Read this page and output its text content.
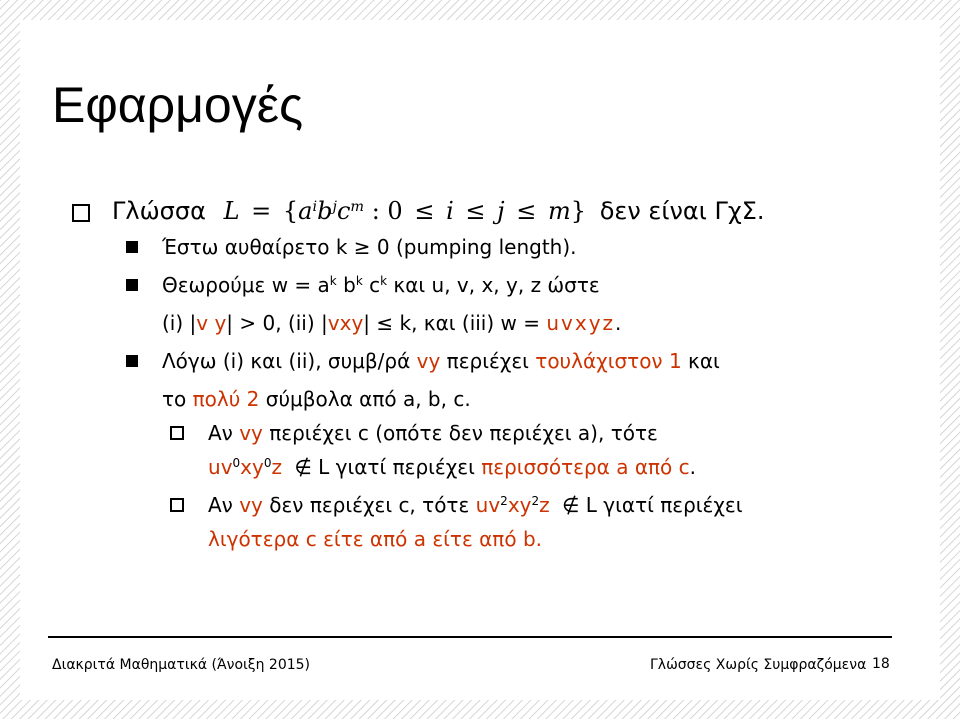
Εφαρμογές
Γλώσσα $L = \{a^ib^jc^m$ : 0 ≤ i ≤ j ≤ m} δεν είναι ΓχΣ.
Έστω αυθαίρετο k ≥ 0 (pumping length).
Θεωρούμε $w = a^k$ $b^k$ $c^k$ και u, v, x, y, z ώστε
(i) |v y| > 0, (ii) |vxy| ≤ k, και (iii) w = uvxyz.
Λόγω (i) και (ii), συμβ/ρά vy περιέχει τουλάχιστον 1 και
το πολύ 2 σύμβολα από a, b, c.
Αν vy περιέχει c (οπότε δεν περιέχει a), τότε
$uv^0xy^0z$ ∉ L γιατί περιέχει περισσότερα a από c.
Αν vy δεν περιέχει c, τότε $uv^2xy^2z$ ∉ L γιατί περιέχει
λιγότερα c είτε από a είτε από b.
Διακριτά Μαθηματικά (Άνοιξη 2015)	Γλώσσες Χωρίς Συμφραζόμενα 18
